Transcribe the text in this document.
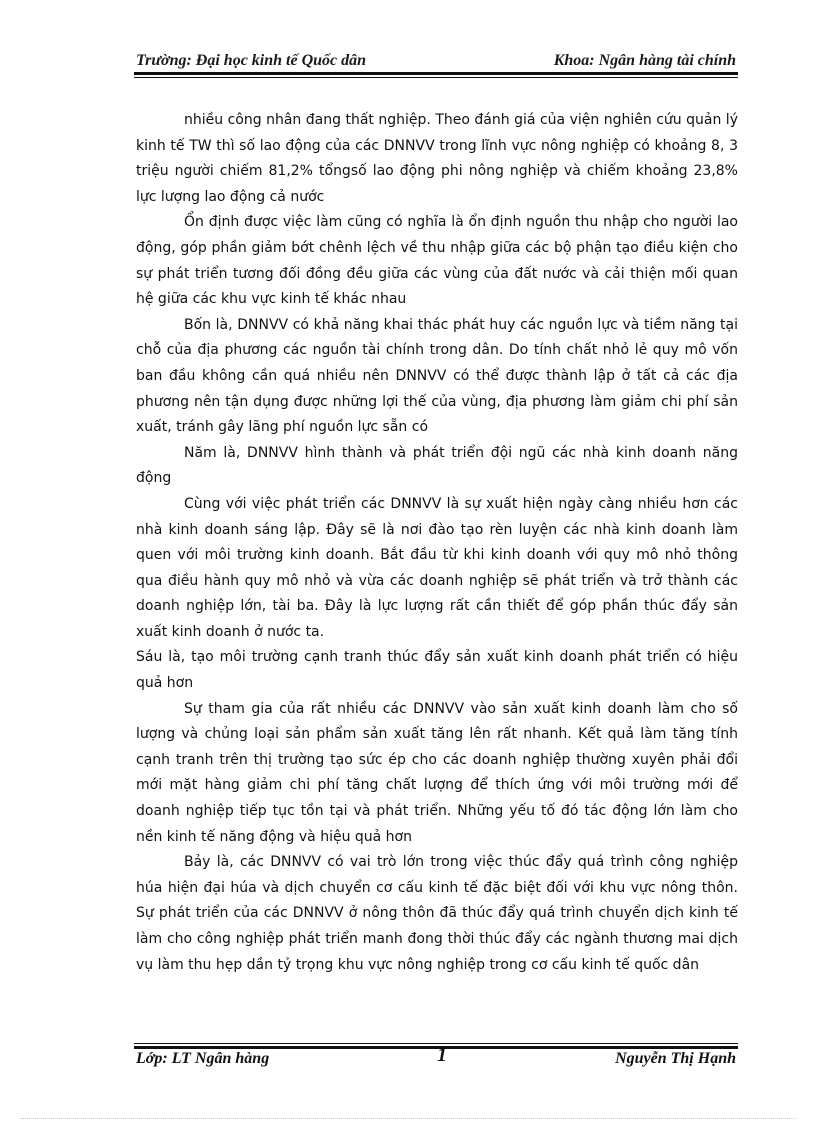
Trường: Đại học kinh tế Quốc dân	Khoa: Ngân hàng tài chính

nhiều công nhân đang thất nghiệp. Theo đánh giá của viện nghiên cứu quản lý kinh tế TW thì số lao động của các DNNVV trong lĩnh vực nông nghiệp có khoảng 8, 3 triệu người chiếm 81,2% tổngsố lao động phi nông nghiệp và chiếm khoảng 23,8% lực lượng lao động cả nước

Ổn định được việc làm cũng có nghĩa là ổn định nguồn thu nhập cho người lao động, góp phần giảm bớt chênh lệch về thu nhập giữa các bộ phận tạo điều kiện cho sự phát triển tương đối đồng đều giữa các vùng của đất nước và cải thiện mối quan hệ giữa các khu vực kinh tế khác nhau

Bốn là, DNNVV có khả năng khai thác phát huy các nguồn lực và tiềm năng tại chỗ của địa phương các nguồn tài chính trong dân. Do tính chất nhỏ lẻ quy mô vốn ban đầu không cần quá nhiều nên DNNVV có thể được thành lập ở tất cả các địa phương nên tận dụng được những lợi thế của vùng, địa phương làm giảm chi phí sản xuất, tránh gây lãng phí nguồn lực sẵn có

Năm là, DNNVV hình thành và phát triển đội ngũ các nhà kinh doanh năng động

Cùng với việc phát triển các DNNVV là sự xuất hiện ngày càng nhiều hơn các nhà kinh doanh sáng lập. Đây sẽ là nơi đào tạo rèn luyện các nhà kinh doanh làm quen với môi trường kinh doanh. Bắt đầu từ khi kinh doanh với quy mô nhỏ thông qua điều hành quy mô nhỏ và vừa các doanh nghiệp sẽ phát triển và trở thành các doanh nghiệp lớn, tài ba. Đây là lực lượng rất cần thiết để góp phần thúc đẩy sản xuất kinh doanh ở nước ta.

Sáu là, tạo môi trường cạnh tranh thúc đẩy sản xuất kinh doanh phát triển có hiệu quả hơn

Sự tham gia của rất nhiều các DNNVV vào sản xuất kinh doanh làm cho số lượng và chủng loại sản phẩm sản xuất tăng lên rất nhanh. Kết quả làm tăng tính cạnh tranh trên thị trường tạo sức ép cho các doanh nghiệp thường xuyên phải đổi mới mặt hàng giảm chi phí tăng chất lượng để thích ứng với môi trường mới để doanh nghiệp tiếp tục tồn tại và phát triển. Những yếu tố đó tác động lớn làm cho nền kinh tế năng động và hiệu quả hơn

Bảy là, các DNNVV có vai trò lớn trong việc thúc đẩy quá trình công nghiệp húa hiện đại húa và dịch chuyển cơ cấu kinh tế đặc biệt đối với khu vực nông thôn. Sự phát triển của các DNNVV ở nông thôn đã thúc đẩy quá trình chuyển dịch kinh tế làm cho công nghiệp phát triển manh đong thời thúc đẩy các ngành thương mai dịch vụ làm thu hẹp dần tỷ trọng khu vực nông nghiệp trong cơ cấu kinh tế quốc dân

1
Lớp: LT Ngân hàng	Nguyễn Thị Hạnh
